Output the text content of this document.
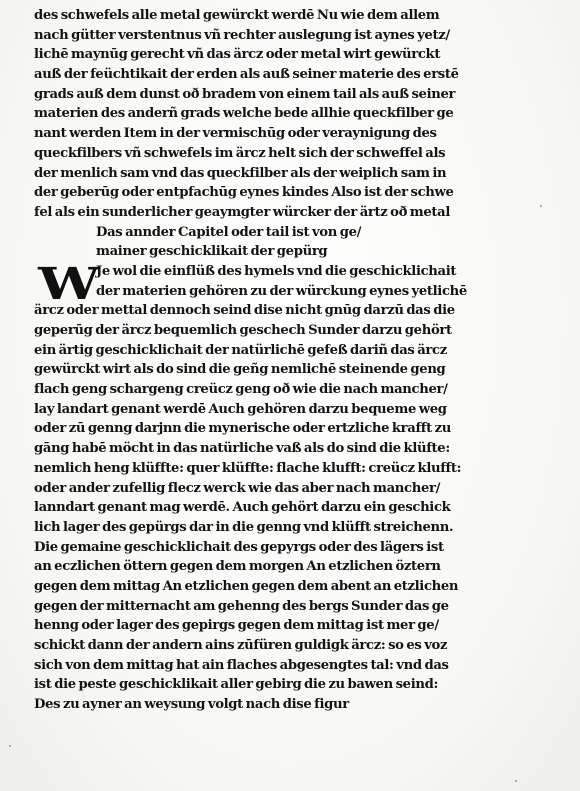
des schwefels alle metal gewürckt werdē Nu wie dem allem
nach gütter verstentnus vñ rechter auslegung ist aynes yetz/
lichē maynūg gerecht vñ das ärcz oder metal wirt gewürckt
auß der feüchtikait der erden als auß seiner materie des erstē
grads auß dem dunst oð bradem von einem tail als auß seiner
materien des anderñ grads welche bede allhie queckfilber ge
nant werden Item in der vermischūg oder veraynigung des
queckfilbers vñ schwefels im ärcz helt sich der schweffel als
der menlich sam vnd das queckfilber als der weiplich sam in
der geberūg oder entpfachūg eynes kindes Also ist der schwe
fel als ein sunderlicher geaymgter würcker der ärtz oð metal
Das annder Capitel oder tail ist von ge/
mainer geschicklikait der gepürg
W
Je wol die einflüß des hymels vnd die geschicklichait
der materien gehören zu der würckung eynes yetlichē
ärcz oder mettal dennoch seind dise nicht gnūg darzū das die
geperūg der ärcz bequemlich geschech Sunder darzu gehört
ein ärtig geschicklichait der natürlichē gefeß dariñ das ärcz
gewürckt wirt als do sind die geñg nemlichē steinende geng
flach geng schargeng creücz geng oð wie die nach mancher/
lay landart genant werdē Auch gehören darzu bequeme weg
oder zū genng darjnn die mynerische oder ertzliche krafft zu
gāng habē möcht in das natürliche vaß als do sind die klüfte:
nemlich heng klüffte: quer klüffte: flache klufft: creücz klufft:
oder ander zufellig flecz werck wie das aber nach mancher/
lanndart genant mag werdē. Auch gehört darzu ein geschick
lich lager des gepürgs dar in die genng vnd klüfft streichenn.
Die gemaine geschicklichait des gepyrgs oder des lägers ist
an eczlichen öttern gegen dem morgen An etzlichen öztern
gegen dem mittag An etzlichen gegen dem abent an etzlichen
gegen der mitternacht am gehenng des bergs Sunder das ge
henng oder lager des gepirgs gegen dem mittag ist mer ge/
schickt dann der andern ains zūfüren guldigk ärcz: so es voz
sich von dem mittag hat ain flaches abgesengtes tal: vnd das
ist die peste geschicklikait aller gebirg die zu bawen seind:
Des zu ayner an weysung volgt nach dise figur
